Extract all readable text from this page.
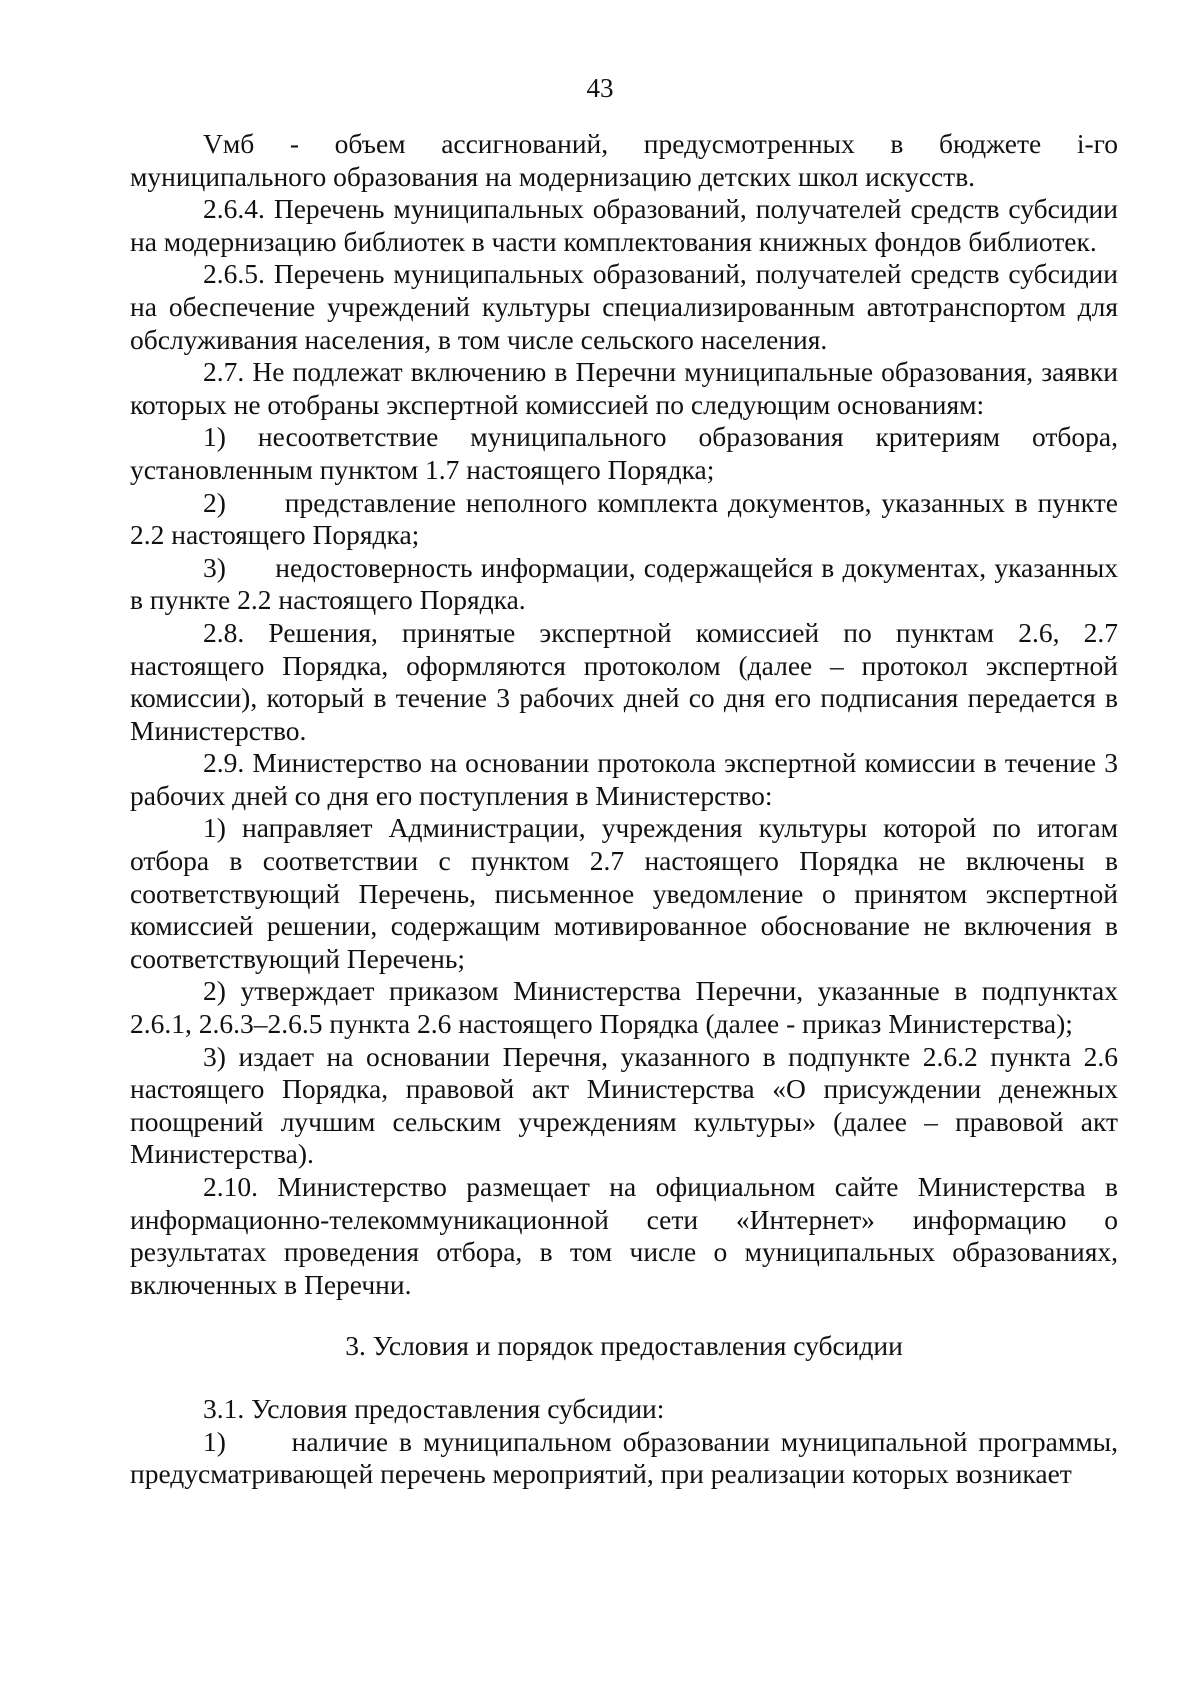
43

Vмб - объем ассигнований, предусмотренных в бюджете i-го муниципального образования на модернизацию детских школ искусств.

2.6.4. Перечень муниципальных образований, получателей средств субсидии на модернизацию библиотек в части комплектования книжных фондов библиотек.

2.6.5. Перечень муниципальных образований, получателей средств субсидии на обеспечение учреждений культуры специализированным автотранспортом для обслуживания населения, в том числе сельского населения.

2.7. Не подлежат включению в Перечни муниципальные образования, заявки которых не отобраны экспертной комиссией по следующим основаниям:

1) несоответствие муниципального образования критериям отбора, установленным пунктом 1.7 настоящего Порядка;

2)      представление неполного комплекта документов, указанных в пункте 2.2 настоящего Порядка;

3)      недостоверность информации, содержащейся в документах, указанных в пункте 2.2 настоящего Порядка.

2.8. Решения, принятые экспертной комиссией по пунктам 2.6, 2.7 настоящего Порядка, оформляются протоколом (далее – протокол экспертной комиссии), который в течение 3 рабочих дней со дня его подписания передается в Министерство.

2.9. Министерство на основании протокола экспертной комиссии в течение 3 рабочих дней со дня его поступления в Министерство:

1) направляет Администрации, учреждения культуры которой по итогам отбора в соответствии с пунктом 2.7 настоящего Порядка не включены в соответствующий Перечень, письменное уведомление о принятом экспертной комиссией решении, содержащим мотивированное обоснование не включения в соответствующий Перечень;

2) утверждает приказом Министерства Перечни, указанные в подпунктах 2.6.1, 2.6.3–2.6.5 пункта 2.6 настоящего Порядка (далее - приказ Министерства);

3) издает на основании Перечня, указанного в подпункте 2.6.2 пункта 2.6 настоящего Порядка, правовой акт Министерства «О присуждении денежных поощрений лучшим сельским учреждениям культуры» (далее – правовой акт Министерства).

2.10. Министерство размещает на официальном сайте Министерства в информационно-телекоммуникационной сети «Интернет» информацию о результатах проведения отбора, в том числе о муниципальных образованиях, включенных в Перечни.

3. Условия и порядок предоставления субсидии

3.1. Условия предоставления субсидии:

1)      наличие в муниципальном образовании муниципальной программы, предусматривающей перечень мероприятий, при реализации которых возникает
